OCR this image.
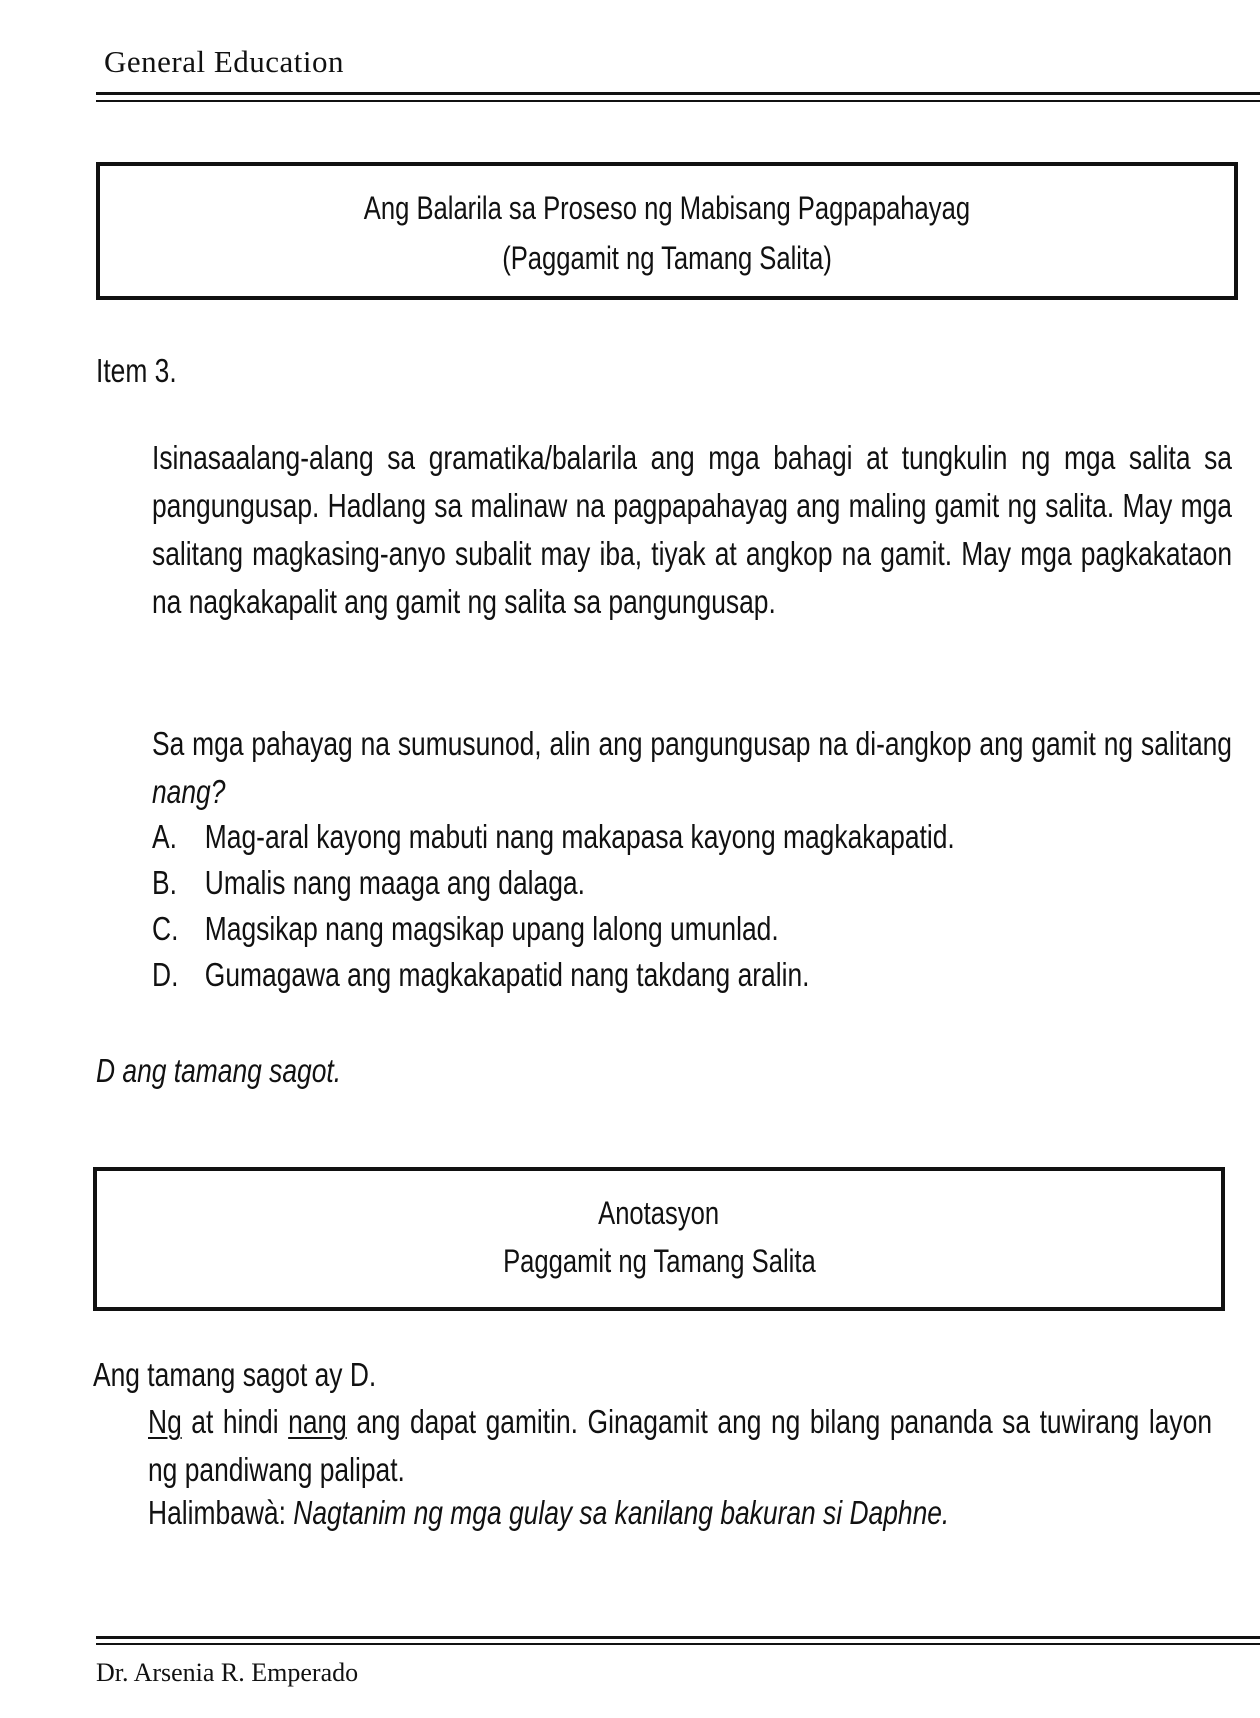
General Education
Ang Balarila sa Proseso ng Mabisang Pagpapahayag
(Paggamit ng Tamang Salita)
Item 3.
Isinasaalang-alang sa gramatika/balarila ang mga bahagi at tungkulin ng mga salita sa pangungusap. Hadlang sa malinaw na pagpapahayag ang maling gamit ng salita. May mga salitang magkasing-anyo subalit may iba, tiyak at angkop na gamit. May mga pagkakataon na nagkakapalit ang gamit ng salita sa pangungusap.
Sa mga pahayag na sumusunod, alin ang pangungusap na di-angkop ang gamit ng salitang nang?
A. Mag-aral kayong mabuti nang makapasa kayong magkakapatid.
B. Umalis nang maaga ang dalaga.
C. Magsikap nang magsikap upang lalong umunlad.
D. Gumagawa ang magkakapatid nang takdang aralin.
D ang tamang sagot.
Anotasyon
Paggamit ng Tamang Salita
Ang tamang sagot ay D.
Ng at hindi nang ang dapat gamitin. Ginagamit ang ng bilang pananda sa tuwirang layon ng pandiwang palipat.
Halimbawà: Nagtanim ng mga gulay sa kanilang bakuran si Daphne.
Dr. Arsenia R. Emperado
